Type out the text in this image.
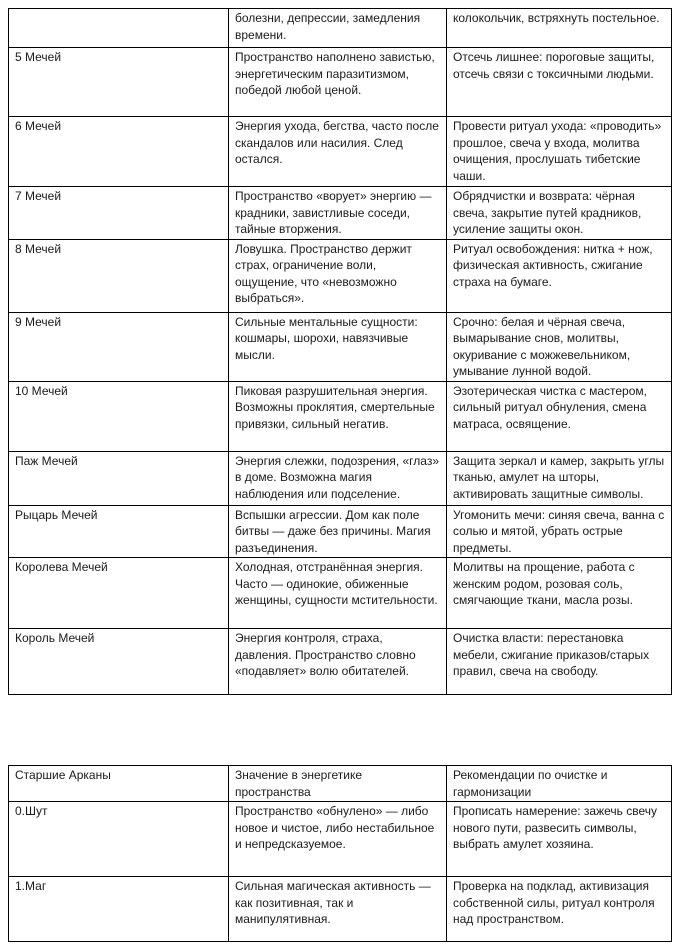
	болезни, депрессии, замедления времени.	колокольчик, встряхнуть постельное.
5 Мечей	Пространство наполнено завистью, энергетическим паразитизмом, победой любой ценой.	Отсечь лишнее: пороговые защиты, отсечь связи с токсичными людьми.
6 Мечей	Энергия ухода, бегства, часто после скандалов или насилия. След остался.	Провести ритуал ухода: «проводить» прошлое, свеча у входа, молитва очищения, прослушать тибетские чаши.
7 Мечей	Пространство «ворует» энергию — крадники, завистливые соседи, тайные вторжения.	Обрядчистки и возврата: чёрная свеча, закрытие путей крадников, усиление защиты окон.
8 Мечей	Ловушка. Пространство держит страх, ограничение воли, ощущение, что «невозможно выбраться».	Ритуал освобождения: нитка + нож, физическая активность, сжигание страха на бумаге.
9 Мечей	Сильные ментальные сущности: кошмары, шорохи, навязчивые мысли.	Срочно: белая и чёрная свеча, вымарывание снов, молитвы, окуривание с можжевельником, умывание лунной водой.
10 Мечей	Пиковая разрушительная энергия. Возможны проклятия, смертельные привязки, сильный негатив.	Эзотерическая чистка с мастером, сильный ритуал обнуления, смена матраса, освящение.
Паж Мечей	Энергия слежки, подозрения, «глаз» в доме. Возможна магия наблюдения или подселение.	Защита зеркал и камер, закрыть углы тканью, амулет на шторы, активировать защитные символы.
Рыцарь Мечей	Вспышки агрессии. Дом как поле битвы — даже без причины. Магия разъединения.	Угомонить мечи: синяя свеча, ванна с солью и мятой, убрать острые предметы.
Королева Мечей	Холодная, отстранённая энергия. Часто — одинокие, обиженные женщины, сущности мстительности.	Молитвы на прощение, работа с женским родом, розовая соль, смягчающие ткани, масла розы.
Король Мечей	Энергия контроля, страха, давления. Пространство словно «подавляет» волю обитателей.	Очистка власти: перестановка мебели, сжигание приказов/старых правил, свеча на свободу.
Старшие Арканы	Значение в энергетике пространства	Рекомендации по очистке и гармонизации
0.Шут	Пространство «обнулено» — либо новое и чистое, либо нестабильное и непредсказуемое.	Прописать намерение: зажечь свечу нового пути, развесить символы, выбрать амулет хозяина.
1.Маг	Сильная магическая активность — как позитивная, так и манипулятивная.	Проверка на подклад, активизация собственной силы, ритуал контроля над пространством.
